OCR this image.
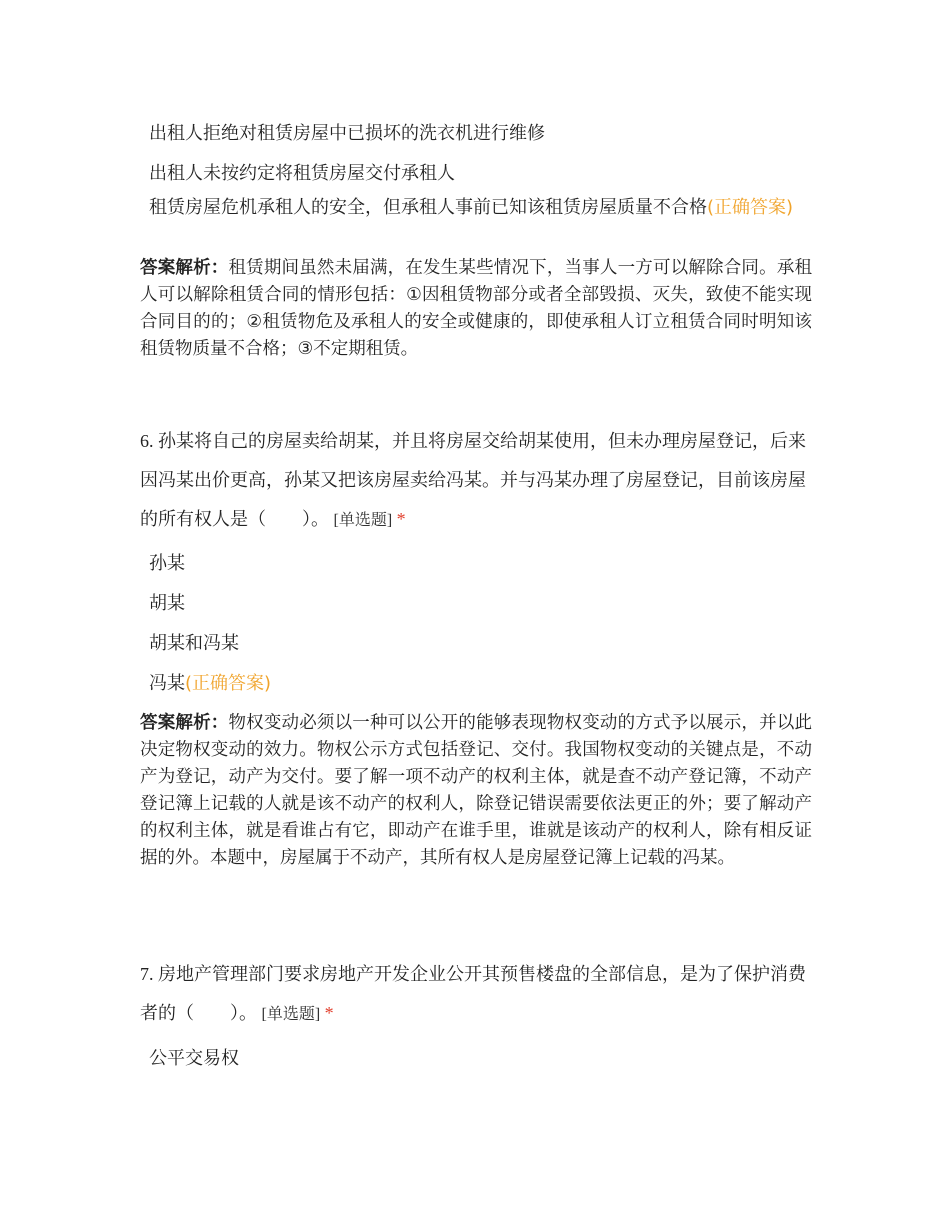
出租人拒绝对租赁房屋中已损坏的洗衣机进行维修
出租人未按约定将租赁房屋交付承租人
租赁房屋危机承租人的安全，但承租人事前已知该租赁房屋质量不合格(正确答案)
答案解析：租赁期间虽然未届满，在发生某些情况下，当事人一方可以解除合同。承租人可以解除租赁合同的情形包括：①因租赁物部分或者全部毁损、灭失，致使不能实现合同目的的；②租赁物危及承租人的安全或健康的，即使承租人订立租赁合同时明知该租赁物质量不合格；③不定期租赁。
6. 孙某将自己的房屋卖给胡某，并且将房屋交给胡某使用，但未办理房屋登记，后来因冯某出价更高，孙某又把该房屋卖给冯某。并与冯某办理了房屋登记，目前该房屋的所有权人是（　　）。 [单选题] *
孙某
胡某
胡某和冯某
冯某(正确答案)
答案解析：物权变动必须以一种可以公开的能够表现物权变动的方式予以展示，并以此决定物权变动的效力。物权公示方式包括登记、交付。我国物权变动的关键点是，不动产为登记，动产为交付。要了解一项不动产的权利主体，就是查不动产登记簿，不动产登记簿上记载的人就是该不动产的权利人，除登记错误需要依法更正的外；要了解动产的权利主体，就是看谁占有它，即动产在谁手里，谁就是该动产的权利人，除有相反证据的外。本题中，房屋属于不动产，其所有权人是房屋登记簿上记载的冯某。
7. 房地产管理部门要求房地产开发企业公开其预售楼盘的全部信息，是为了保护消费者的（　　）。 [单选题] *
公平交易权
